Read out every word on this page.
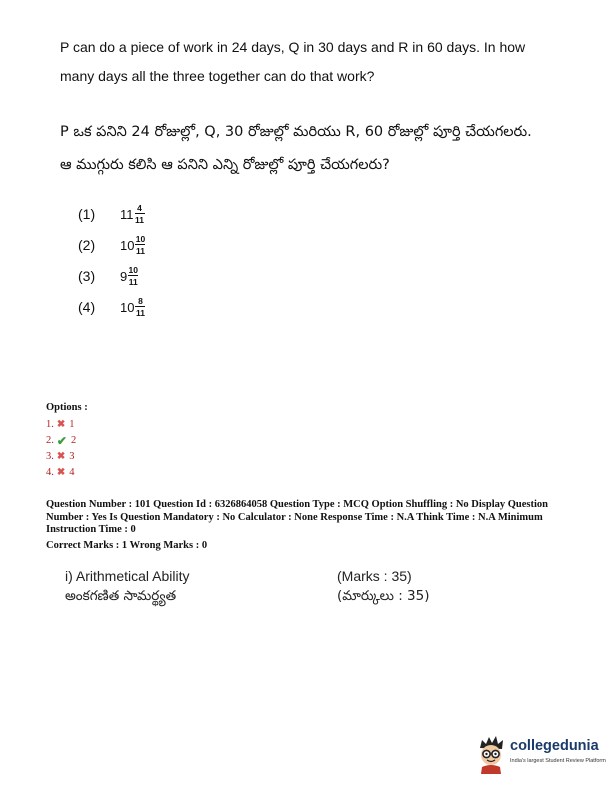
P can do a piece of work in 24 days, Q in 30 days and R in 60 days. In how many days all the three together can do that work?
P ఒక పనిని 24 రోజుల్లో, Q, 30 రోజుల్లో మరియు R, 60 రోజుల్లో పూర్తి చేయగలరు.
ఆ ముగ్గురు కలిసి ఆ పనిని ఎన్ని రోజుల్లో పూర్తి చేయగలరు?
(1)	$11 \frac{4}{11}$
(2)	$10 \frac{10}{11}$
(3)	$9 \frac{10}{11}$
(4)	$10 \frac{8}{11}$
Options :
1. ✖ 1
2. ✔ 2
3. ✖ 3
4. ✖ 4
Question Number : 101 Question Id : 6326864058 Question Type : MCQ Option Shuffling : No Display Question Number : Yes Is Question Mandatory : No Calculator : None Response Time : N.A Think Time : N.A Minimum Instruction Time : 0
Correct Marks : 1 Wrong Marks : 0
i) Arithmetical Ability
అంకగణిత సామర్థ్యత
(Marks : 35)
(మార్కులు : 35)
collegedunia
India's largest Student Review Platform
